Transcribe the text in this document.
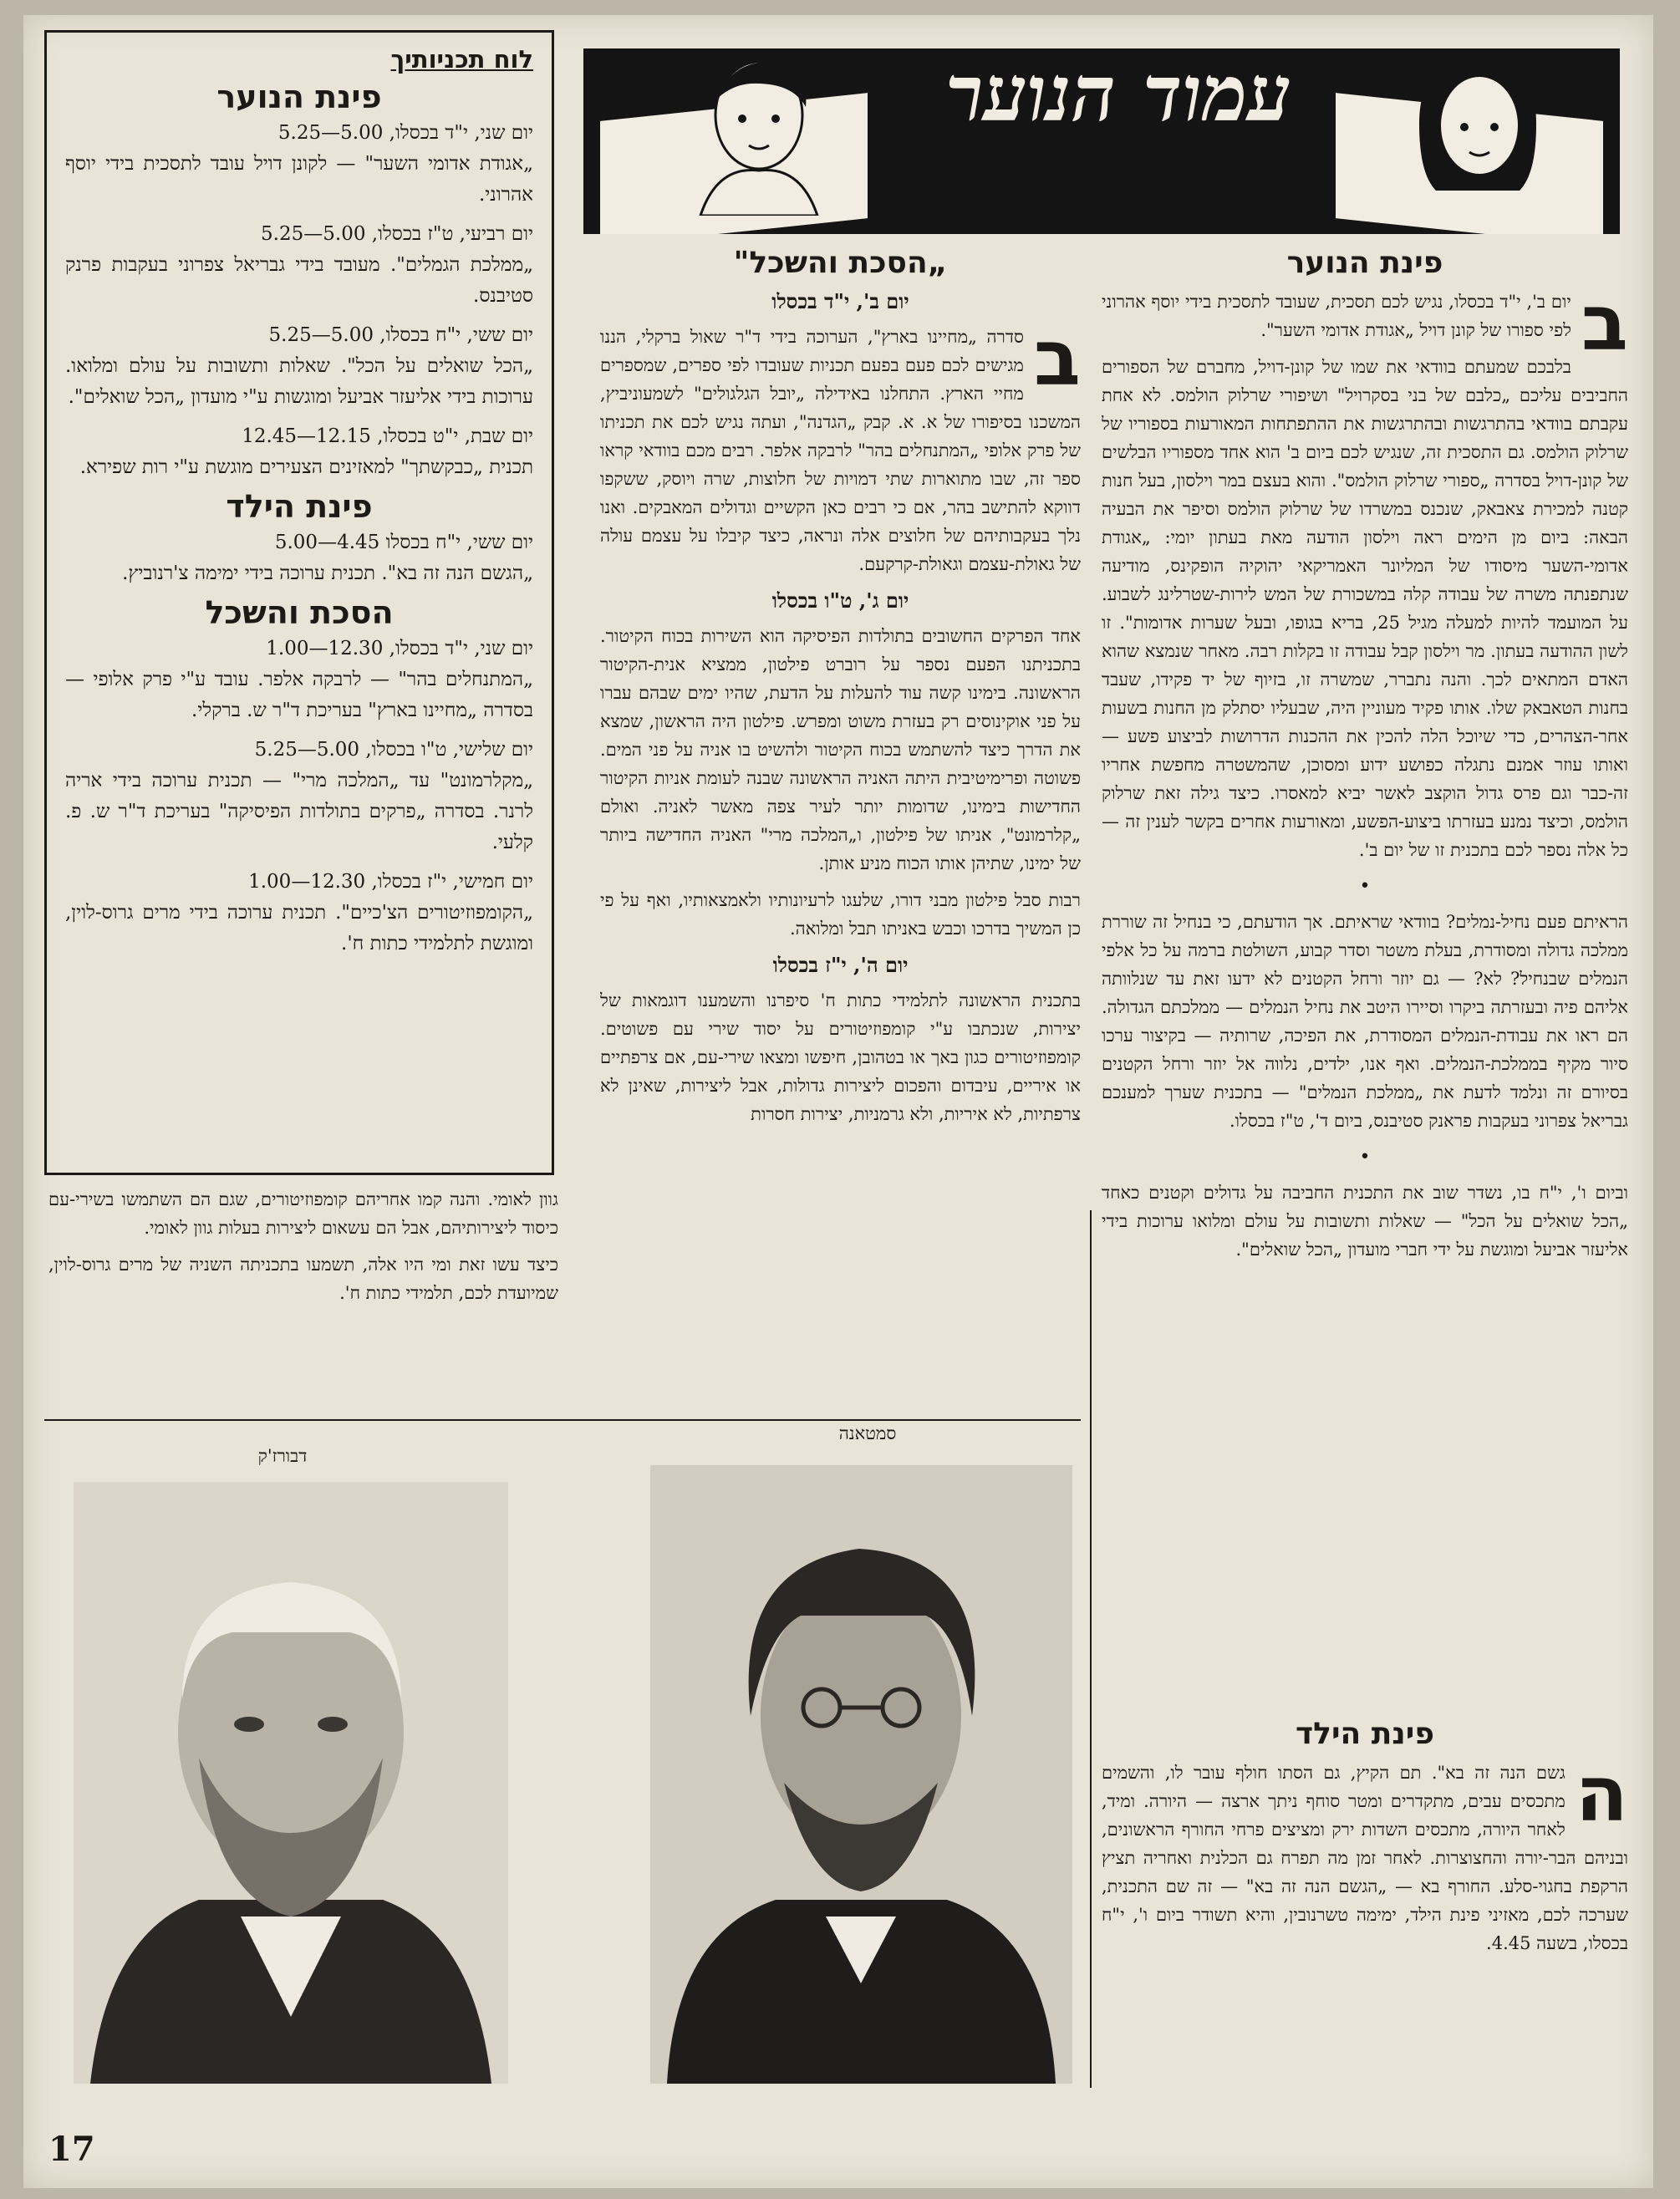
לוח תכניותיך
פינת הנוער
יום שני, י"ד בכסלו, 5.00—5.25
„אגודת אדומי השער" — לקונן דויל עובד לתסכית בידי יוסף אהרוני.
יום רביעי, ט"ז בכסלו, 5.00—5.25
„ממלכת הגמלים". מעובד בידי גבריאל צפרוני בעקבות פרנק סטיבנס.
יום ששי, י"ח בכסלו, 5.00—5.25
„הכל שואלים על הכל". שאלות ותשובות על עולם ומלואו. ערוכות בידי אליעזר אביעל ומוגשות ע"י מועדון „הכל שואלים".
יום שבת, י"ט בכסלו, 12.15—12.45
תכנית „כבקשתך" למאזינים הצעירים מוגשת ע"י רות שפירא.
פינת הילד
יום ששי, י"ח בכסלו 4.45—5.00
„הגשם הנה זה בא". תכנית ערוכה בידי ימימה צ'רנוביץ.
הסכת והשכל
יום שני, י"ד בכסלו, 12.30—1.00
„המתנחלים בהר" — לרבקה אלפר. עובד ע"י פרק אלופי — בסדרה „מחיינו בארץ" בעריכת ד"ר ש. ברקלי.
יום שלישי, ט"ו בכסלו, 5.00—5.25
„מקלרמונט" עד „המלכה מרי" — תכנית ערוכה בידי אריה לרנר. בסדרה „פרקים בתולדות הפיסיקה" בעריכת ד"ר ש. פ. קלעי.
יום חמישי, י"ז בכסלו, 12.30—1.00
„הקומפוזיטורים הצ'כיים". תכנית ערוכה בידי מרים גרוס-לוין, ומוגשת לתלמידי כתות ח'.
עמוד הנוער
פינת הנוער

ב
יום ב', י"ד בכסלו, נגיש לכם תסכית, שעובד לתסכית בידי יוסף אהרוני לפי ספורו של קונן דויל „אגודת אדומי השער".

בלבכם שמעתם בוודאי את שמו של קונן-דויל, מחברם של הספורים החביבים עליכם „כלבם של בני בסקרויל" ושיפורי שרלוק הולמס. לא אחת עקבתם בוודאי בהתרגשות ובהתרגשות את ההתפתחות המאורעות בספוריו של שרלוק הולמס. גם התסכית זה, שנגיש לכם ביום ב' הוא אחד מספוריו הבלשים של קונן-דויל בסדרה „ספורי שרלוק הולמס". והוא בעצם במר וילסון, בעל חנות קטנה למכירת צאבאק, שנכנס במשרדו של שרלוק הולמס וסיפר את הבעיה הבאה: ביום מן הימים ראה וילסון הודעה מאת בעתון יומי: „אגודת אדומי-השער מיסודו של המליונר האמריקאי יהוקיה הופקינס, מודיעה שנתפנתה משרה של עבודה קלה במשכורת של המש לירות-שטרלינג לשבוע. על המועמד להיות למעלה מגיל 25, בריא בגופו, ובעל שערות אדומות". זו לשון ההודעה בעתון. מר וילסון קבל עבודה זו בקלות רבה. מאחר שנמצא שהוא האדם המתאים לכך. והנה נתברר, שמשרה זו, בזיוף של יד פקידו, שעבד בחנות הטאבאק שלו. אותו פקיד מעוניין היה, שבעליו יסתלק מן החנות בשעות אחר-הצהרים, כדי שיוכל הלה להכין את ההכנות הדרושות לביצוע פשע — ואותו עוזר אמנם נתגלה כפושע ידוע ומסוכן, שהמשטרה מחפשת אחריו זה-כבר וגם פרס גדול הוקצב לאשר יביא למאסרו. כיצד גילה זאת שרלוק הולמס, וכיצד נמנע בעזרתו ביצוע-הפשע, ומאורעות אחרים בקשר לענין זה — כל אלה נספר לכם בתכנית זו של יום ב'.

•

הראיתם פעם נחיל-נמלים? בוודאי שראיתם. אך הודעתם, כי בנחיל זה שוררת ממלכה גדולה ומסודרת, בעלת משטר וסדר קבוע, השולטת ברמה על כל אלפי הנמלים שבנחיל? לא? — גם יוזר ורחל הקטנים לא ידעו זאת עד שנלוותה אליהם פיה ובעזרתה ביקרו וסיירו היטב את נחיל הנמלים — ממלכתם הגדולה. הם ראו את עבודת-הנמלים המסודרת, את הפיכה, שרותיה — בקיצור ערכו סיור מקיף בממלכת-הנמלים. ואף אנו, ילדים, נלווה אל יוזר ורחל הקטנים בסיורם זה ונלמד לדעת את „ממלכת הנמלים" — בתכנית שערך למענכם גבריאל צפרוני בעקבות פראנק סטיבנס, ביום ד', ט"ז בכסלו.

•

וביום ו', י"ח בו, נשדר שוב את התכנית החביבה על גדולים וקטנים כאחד „הכל שואלים על הכל" — שאלות ותשובות על עולם ומלואו ערוכות בידי אליעזר אביעל ומוגשת על ידי חברי מועדון „הכל שואלים".

פינת הילד

ה
גשם הנה זה בא". תם הקיץ, גם הסתו חולף עובר לו, והשמים מתכסים עבים, מתקדרים ומטר סוחף ניתך ארצה — היורה. ומיד, לאחר היורה, מתכסים השדות ירק ומציצים פרחי החורף הראשונים, ובניהם הבר-יורה והחצוצרות. לאחר זמן מה תפרח גם הכלנית ואחריה תציץ הרקפת בחגוי-סלע. החורף בא — „הגשם הנה זה בא" — זה שם התכנית, שערכה לכם, מאזיני פינת הילד, ימימה טשרנובין, והיא תשודר ביום ו', י"ח בכסלו, בשעה 4.45.

„הסכת והשכל"
יום ב', י"ד בכסלו

ב
סדרה „מחיינו בארץ", הערוכה בידי ד"ר שאול ברקלי, הננו מגישים לכם פעם בפעם תכניות שעובדו לפי ספרים, שמספרים מחיי הארץ. התחלנו באידילה „יובל הגלגולים" לשמעוניביץ, המשכנו בסיפורו של א. א. קבק „הגדנה", ועתה נגיש לכם את תכניתו של פרק אלופי „המתנחלים בהר" לרבקה אלפר. רבים מכם בוודאי קראו ספר זה, שבו מתוארות שתי דמויות של חלוצות, שרה ויוסק, ששקפו דווקא להתישב בהר, אם כי רבים כאן הקשיים וגדולים המאבקים. ואנו נלך בעקבותיהם של חלוצים אלה ונראה, כיצד קיבלו על עצמם עולה של גאולת-עצמם וגאולת-קרקעם.

יום ג', ט"ו בכסלו

אחד הפרקים החשובים בתולדות הפיסיקה הוא השירות בכוח הקיטור. בתכניתנו הפעם נספר על רוברט פילטון, ממציא אנית-הקיטור הראשונה. בימינו קשה עוד להעלות על הדעת, שהיו ימים שבהם עברו על פני אוקינוסים רק בעזרת משוט ומפרש. פילטון היה הראשון, שמצא את הדרך כיצד להשתמש בכוח הקיטור ולהשיט בו אניה על פני המים. פשוטה ופרימיטיבית היתה האניה הראשונה שבנה לעומת אניות הקיטור החדישות בימינו, שדומות יותר לעיר צפה מאשר לאניה. ואולם „קלרמונט", אניתו של פילטון, ו„המלכה מרי" האניה החדישה ביותר של ימינו, שתיהן אותו הכוח מניע אותן.

רבות סבל פילטון מבני דורו, שלעגו לרעיונותיו ולאמצאותיו, ואף על פי כן המשיך בדרכו וכבש באניתו תבל ומלואה.

יום ה', י"ז בכסלו

בתכנית הראשונה לתלמידי כתות ח' סיפרנו והשמענו דוגמאות של יצירות, שנכתבו ע"י קומפוזיטורים על יסוד שירי עם פשוטים. קומפוזיטורים כגון באך או בטהובן, חיפשו ומצאו שירי-עם, אם צרפתיים או איריים, עיבדום והפכום ליצירות גדולות, אבל ליצירות, שאינן לא צרפתיות, לא איריות, ולא גרמניות, יצירות חסרות

גוון לאומי. והנה קמו אחריהם קומפוזיטורים, שגם הם השתמשו בשירי-עם כיסוד ליצירותיהם, אבל הם עשאום ליצירות בעלות גוון לאומי.

כיצד עשו זאת ומי היו אלה, תשמעו בתכניתה השניה של מרים גרוס-לוין, שמיועדת לכם, תלמידי כתות ח'.

דבורז'ק
סמטאנה
17
